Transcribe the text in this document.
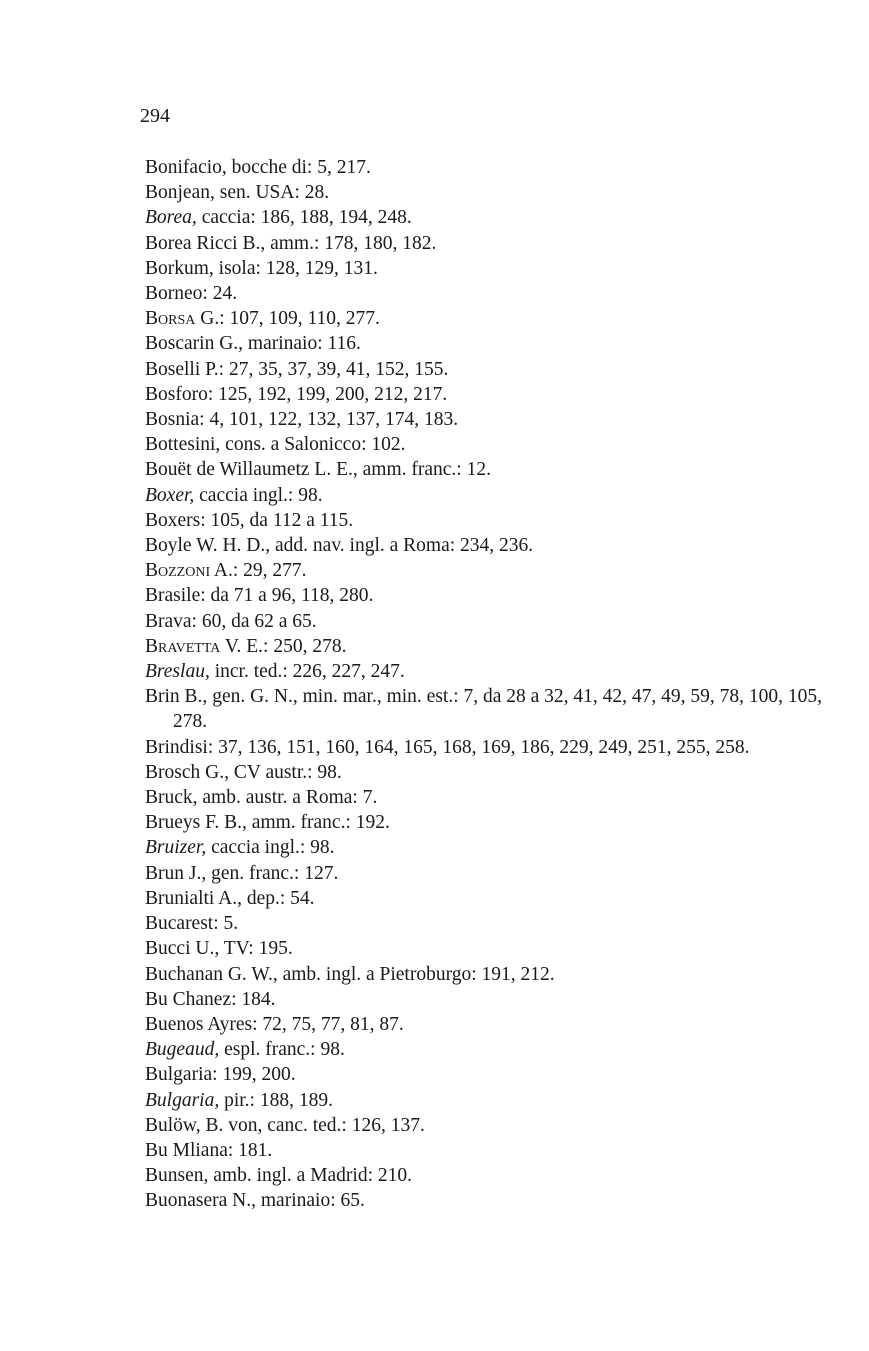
294
Bonifacio, bocche di: 5, 217.
Bonjean, sen. USA: 28.
Borea, caccia: 186, 188, 194, 248.
Borea Ricci B., amm.: 178, 180, 182.
Borkum, isola: 128, 129, 131.
Borneo: 24.
Borsa G.: 107, 109, 110, 277.
Boscarin G., marinaio: 116.
Boselli P.: 27, 35, 37, 39, 41, 152, 155.
Bosforo: 125, 192, 199, 200, 212, 217.
Bosnia: 4, 101, 122, 132, 137, 174, 183.
Bottesini, cons. a Salonicco: 102.
Bouët de Willaumetz L. E., amm. franc.: 12.
Boxer, caccia ingl.: 98.
Boxers: 105, da 112 a 115.
Boyle W. H. D., add. nav. ingl. a Roma: 234, 236.
Bozzoni A.: 29, 277.
Brasile: da 71 a 96, 118, 280.
Brava: 60, da 62 a 65.
Bravetta V. E.: 250, 278.
Breslau, incr. ted.: 226, 227, 247.
Brin B., gen. G. N., min. mar., min. est.: 7, da 28 a 32, 41, 42, 47, 49, 59, 78, 100, 105, 278.
Brindisi: 37, 136, 151, 160, 164, 165, 168, 169, 186, 229, 249, 251, 255, 258.
Brosch G., CV austr.: 98.
Bruck, amb. austr. a Roma: 7.
Brueys F. B., amm. franc.: 192.
Bruizer, caccia ingl.: 98.
Brun J., gen. franc.: 127.
Brunialti A., dep.: 54.
Bucarest: 5.
Bucci U., TV: 195.
Buchanan G. W., amb. ingl. a Pietroburgo: 191, 212.
Bu Chanez: 184.
Buenos Ayres: 72, 75, 77, 81, 87.
Bugeaud, espl. franc.: 98.
Bulgaria: 199, 200.
Bulgaria, pir.: 188, 189.
Bulöw, B. von, canc. ted.: 126, 137.
Bu Mliana: 181.
Bunsen, amb. ingl. a Madrid: 210.
Buonasera N., marinaio: 65.
